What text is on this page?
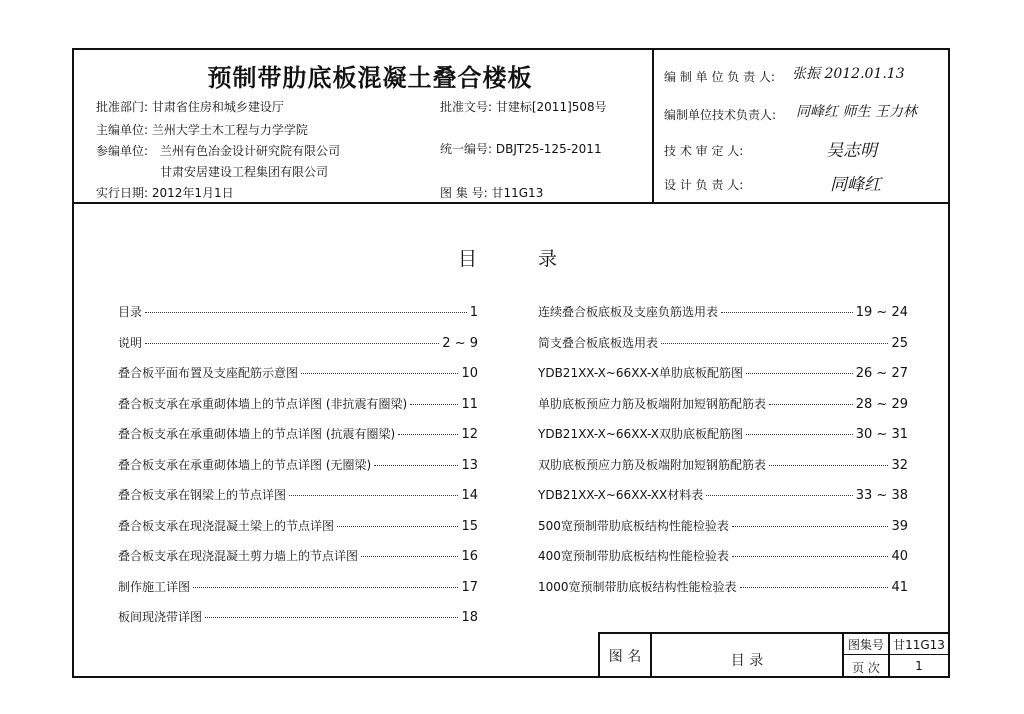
预制带肋底板混凝土叠合楼板
批准部门: 甘肃省住房和城乡建设厅
主编单位: 兰州大学土木工程与力学学院
参编单位: 兰州有色冶金设计研究院有限公司
甘肃安居建设工程集团有限公司
实行日期: 2012年1月1日
批准文号: 甘建标[2011]508号
统一编号: DBJT25-125-2011
图 集 号: 甘11G13
编 制 单 位 负 责 人: 张振 2012.01.13
编制单位技术负责人: 同峰红 师生 王力林
技 术 审 定 人:	吴志明
设 计 负 责 人:	同峰红
目	录
目录	1
说明	2 ~ 9
叠合板平面布置及支座配筋示意图	10
叠合板支承在承重砌体墙上的节点详图 (非抗震有圈梁)	11
叠合板支承在承重砌体墙上的节点详图 (抗震有圈梁)	12
叠合板支承在承重砌体墙上的节点详图 (无圈梁)	13
叠合板支承在钢梁上的节点详图	14
叠合板支承在现浇混凝土梁上的节点详图	15
叠合板支承在现浇混凝土剪力墙上的节点详图	16
制作施工详图	17
板间现浇带详图	18
连续叠合板底板及支座负筋选用表	19 ~ 24
简支叠合板底板选用表	25
YDB21XX-X~66XX-X单肋底板配筋图	26 ~ 27
单肋底板预应力筋及板端附加短钢筋配筋表	28 ~ 29
YDB21XX-X~66XX-X双肋底板配筋图	30 ~ 31
双肋底板预应力筋及板端附加短钢筋配筋表	32
YDB21XX-X~66XX-XX材料表	33 ~ 38
500宽预制带肋底板结构性能检验表	39
400宽预制带肋底板结构性能检验表	40
1000宽预制带肋底板结构性能检验表	41
图 名	目 录
图集号 甘11G13
页 次	1
